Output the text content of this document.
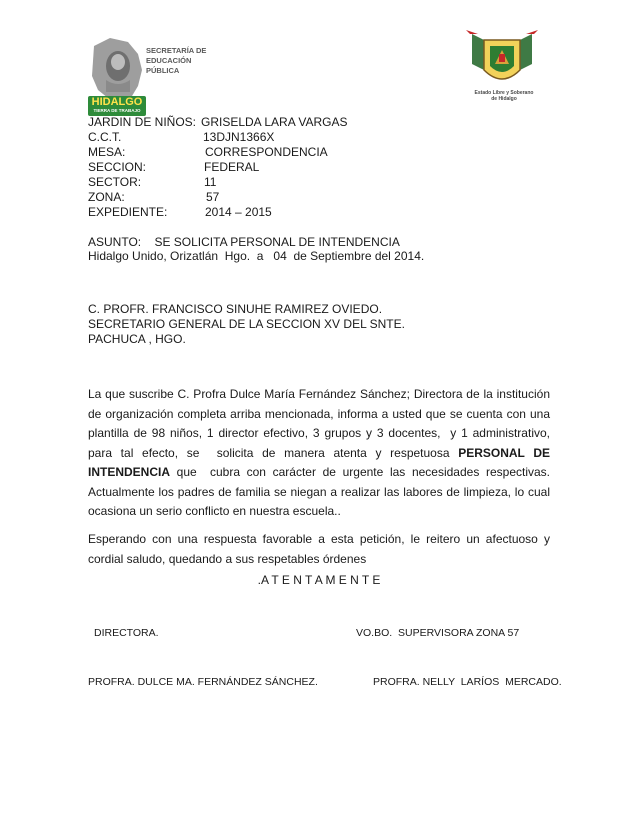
HIDALGO
TIERRA DE TRABAJO
SECRETARÍA DE
EDUCACIÓN
PÚBLICA
Estado Libre y Soberano
de Hidalgo
JARDIN DE NIÑOS: GRISELDA LARA VARGAS
C.C.T.	13DJN1366X
MESA:	CORRESPONDENCIA
SECCION:	FEDERAL
SECTOR:	11
ZONA:	57
EXPEDIENTE:	2014 – 2015
ASUNTO:    SE SOLICITA PERSONAL DE INTENDENCIA
Hidalgo Unido, Orizatlán  Hgo.  a   04  de Septiembre del 2014.
C. PROFR. FRANCISCO SINUHE RAMIREZ OVIEDO.
SECRETARIO GENERAL DE LA SECCION XV DEL SNTE.
PACHUCA , HGO.
La que suscribe C. Profra Dulce María Fernández Sánchez; Directora de la institución de organización completa arriba mencionada, informa a usted que se cuenta con una plantilla de 98 niños, 1 director efectivo, 3 grupos y 3 docentes,  y 1 administrativo, para tal efecto, se  solicita de manera atenta y respetuosa PERSONAL DE INTENDENCIA que  cubra con carácter de urgente las necesidades respectivas. Actualmente los padres de familia se niegan a realizar las labores de limpieza, lo cual ocasiona un serio conflicto en nuestra escuela..
Esperando con una respuesta favorable a esta petición, le reitero un afectuoso y cordial saludo, quedando a sus respetables órdenes
.A T E N T A M E N T E
DIRECTORA.	VO.BO.  SUPERVISORA ZONA 57
PROFRA. DULCE MA. FERNÁNDEZ SÁNCHEZ.	PROFRA. NELLY  LARÍOS  MERCADO.
